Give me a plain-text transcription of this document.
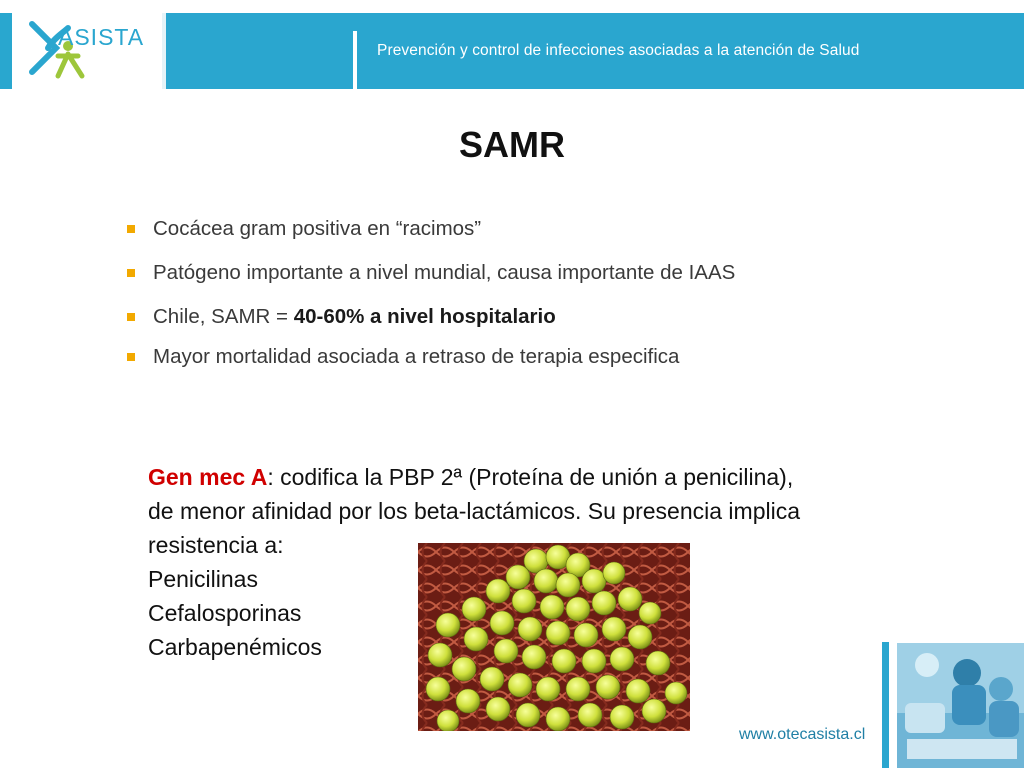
Prevención y control de infecciones asociadas a la atención de Salud
ASISTA
SAMR
Cocácea gram positiva en “racimos”
Patógeno importante a nivel mundial, causa importante de IAAS
Chile, SAMR = 40-60% a nivel hospitalario
Mayor mortalidad asociada a retraso de terapia especifica
Gen mec A: codifica la PBP 2ª (Proteína de unión a penicilina),
de menor afinidad por los beta-lactámicos. Su presencia implica
resistencia a:
Penicilinas
Cefalosporinas
Carbapenémicos
www.otecasista.cl
